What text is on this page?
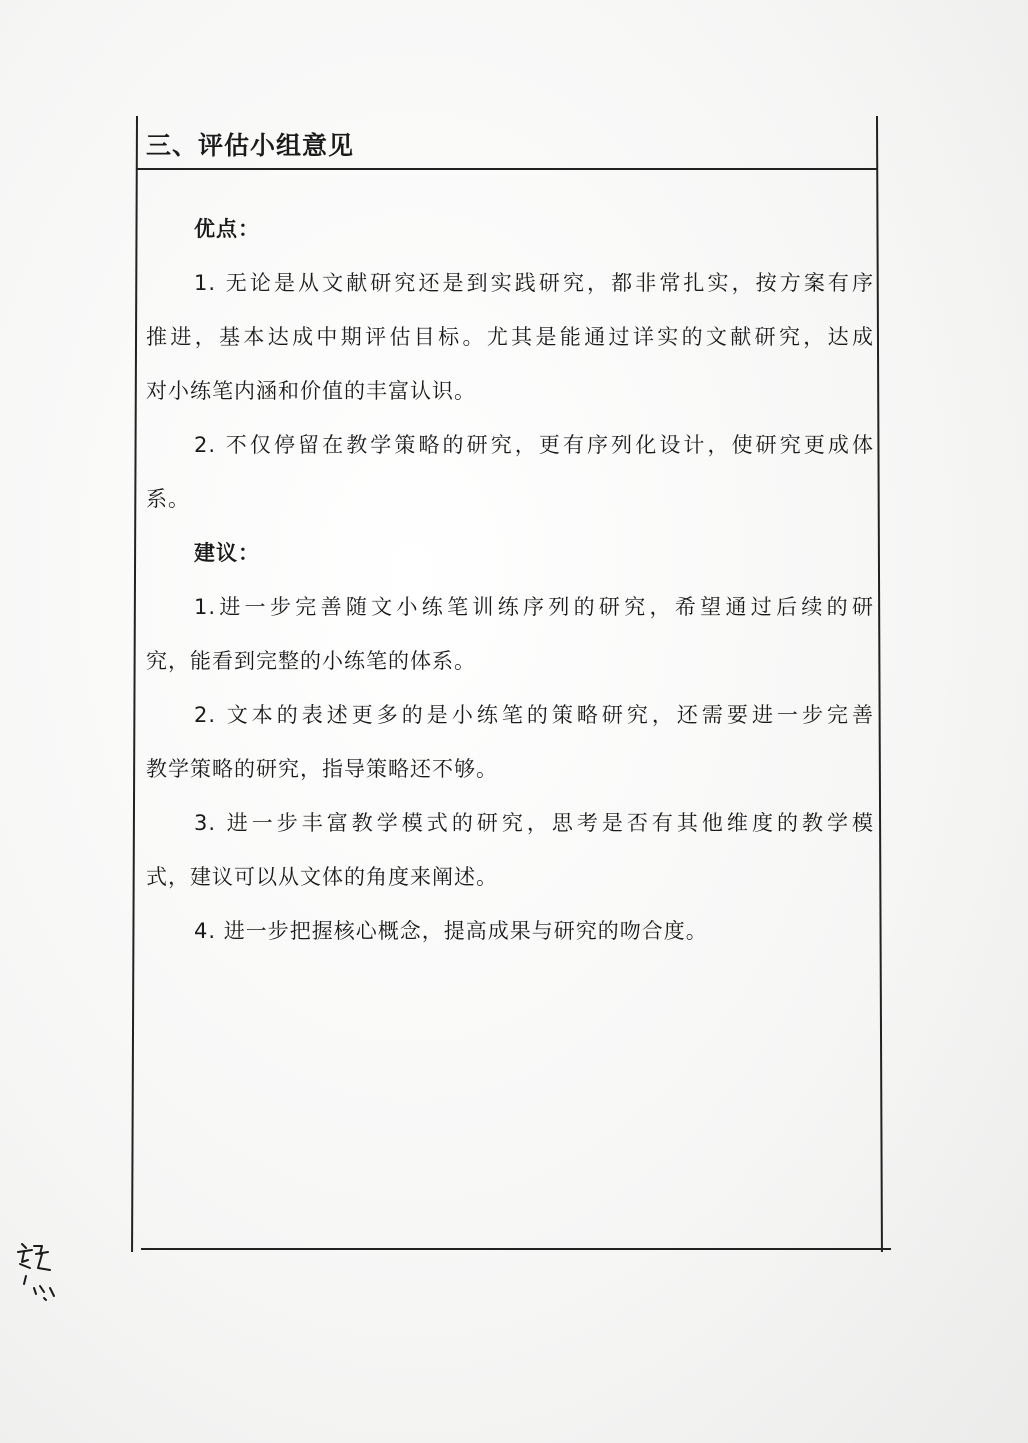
三、评估小组意见
优点：
1. 无论是从文献研究还是到实践研究，都非常扎实，按方案有序
推进，基本达成中期评估目标。尤其是能通过详实的文献研究，达成
对小练笔内涵和价值的丰富认识。
2. 不仅停留在教学策略的研究，更有序列化设计，使研究更成体
系。
建议：
1.进一步完善随文小练笔训练序列的研究，希望通过后续的研
究，能看到完整的小练笔的体系。
2. 文本的表述更多的是小练笔的策略研究，还需要进一步完善
教学策略的研究，指导策略还不够。
3. 进一步丰富教学模式的研究，思考是否有其他维度的教学模
式，建议可以从文体的角度来阐述。
4. 进一步把握核心概念，提高成果与研究的吻合度。
